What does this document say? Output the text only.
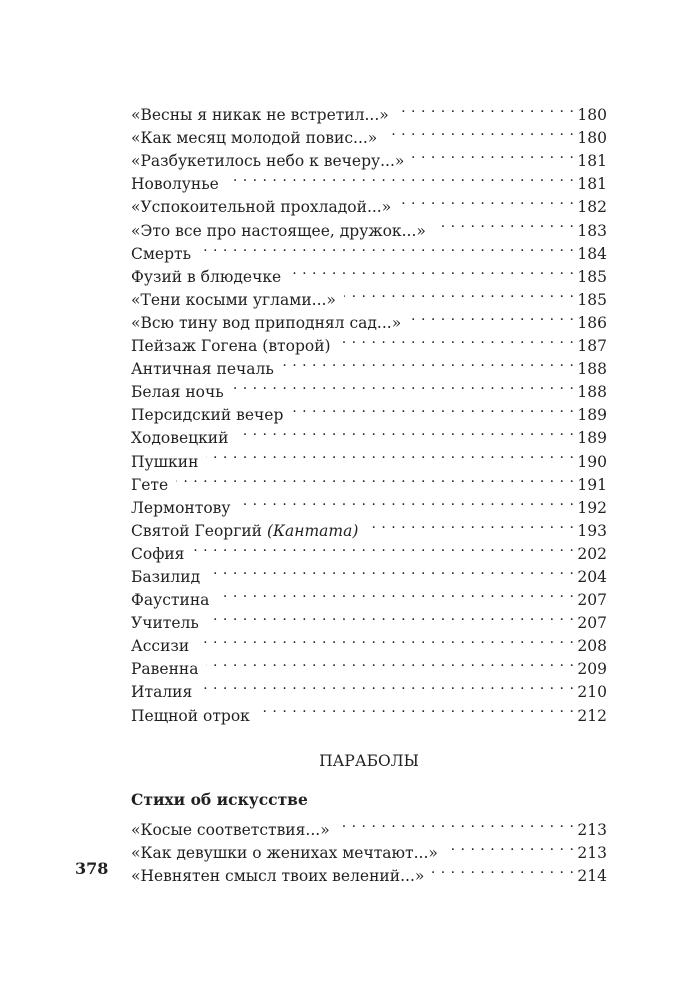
«Весны я никак не встретил...» . . .	180
«Как месяц молодой повис...» . . .	180
«Разбукетилось небо к вечеру...» . . .	181
Новолунье . . .	181
«Успокоительной прохладой...» . . .	182
«Это все про настоящее, дружок...» . . .	183
Смерть . . .	184
Фузий в блюдечке . . .	185
«Тени косыми углами...» . . .	185
«Всю тину вод приподнял сад...» . . .	186
Пейзаж Гогена (второй) . . .	187
Античная печаль . . .	188
Белая ночь . . .	188
Персидский вечер . . .	189
Ходовецкий . . .	189
Пушкин . . .	190
Гете . . .	191
Лермонтову . . .	192
Святой Георгий (Кантата) . . .	193
София . . .	202
Базилид . . .	204
Фаустина . . .	207
Учитель . . .	207
Ассизи . . .	208
Равенна . . .	209
Италия . . .	210
Пещной отрок . . .	212
ПАРАБОЛЫ
Стихи об искусстве
«Косые соответствия...» . . .	213
«Как девушки о женихах мечтают...» . . .	213
«Невнятен смысл твоих велений...» . . .	214
378
